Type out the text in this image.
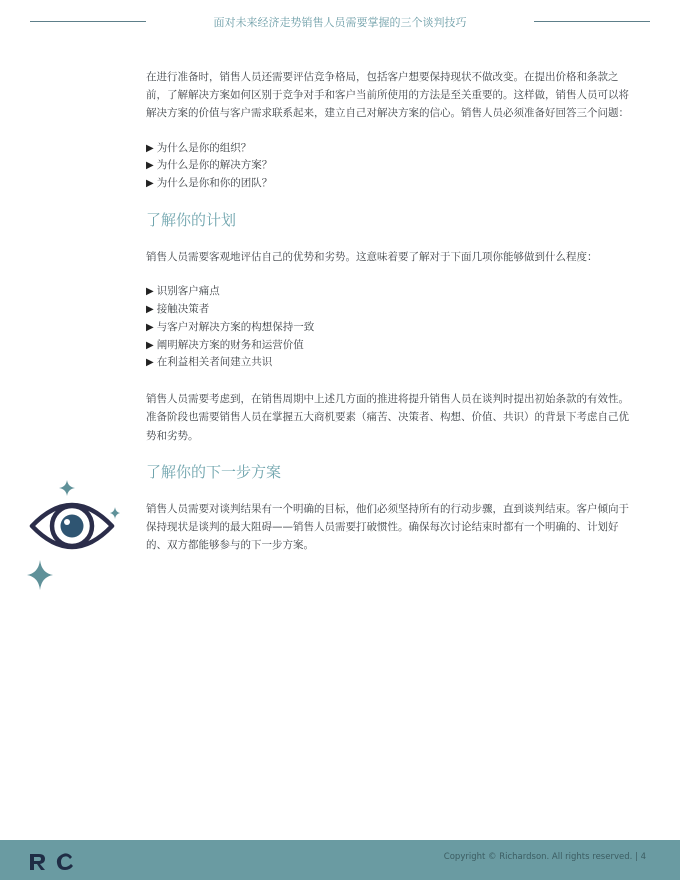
面对未来经济走势销售人员需要掌握的三个谈判技巧

在进行准备时，销售人员还需要评估竞争格局，包括客户想要保持现状不做改变。在提出价格和条款之前，了解解决方案如何区别于竞争对手和客户当前所使用的方法是至关重要的。这样做，销售人员可以将解决方案的价值与客户需求联系起来，建立自己对解决方案的信心。销售人员必须准备好回答三个问题：

▶ 为什么是你的组织？
▶ 为什么是你的解决方案？
▶ 为什么是你和你的团队？
了解你的计划

销售人员需要客观地评估自己的优势和劣势。这意味着要了解对于下面几项你能够做到什么程度：

▶ 识别客户痛点
▶ 接触决策者
▶ 与客户对解决方案的构想保持一致
▶ 阐明解决方案的财务和运营价值
▶ 在利益相关者间建立共识

销售人员需要考虑到，在销售周期中上述几方面的推进将提升销售人员在谈判时提出初始条款的有效性。准备阶段也需要销售人员在掌握五大商机要素（痛苦、决策者、构想、价值、共识）的背景下考虑自己优势和劣势。

了解你的下一步方案

销售人员需要对谈判结果有一个明确的目标，他们必须坚持所有的行动步骤，直到谈判结束。客户倾向于保持现状是谈判的最大阻碍——销售人员需要打破惯性。确保每次讨论结束时都有一个明确的、计划好的、双方都能够参与的下一步方案。

Copyright © Richardson. All rights reserved. | 4
